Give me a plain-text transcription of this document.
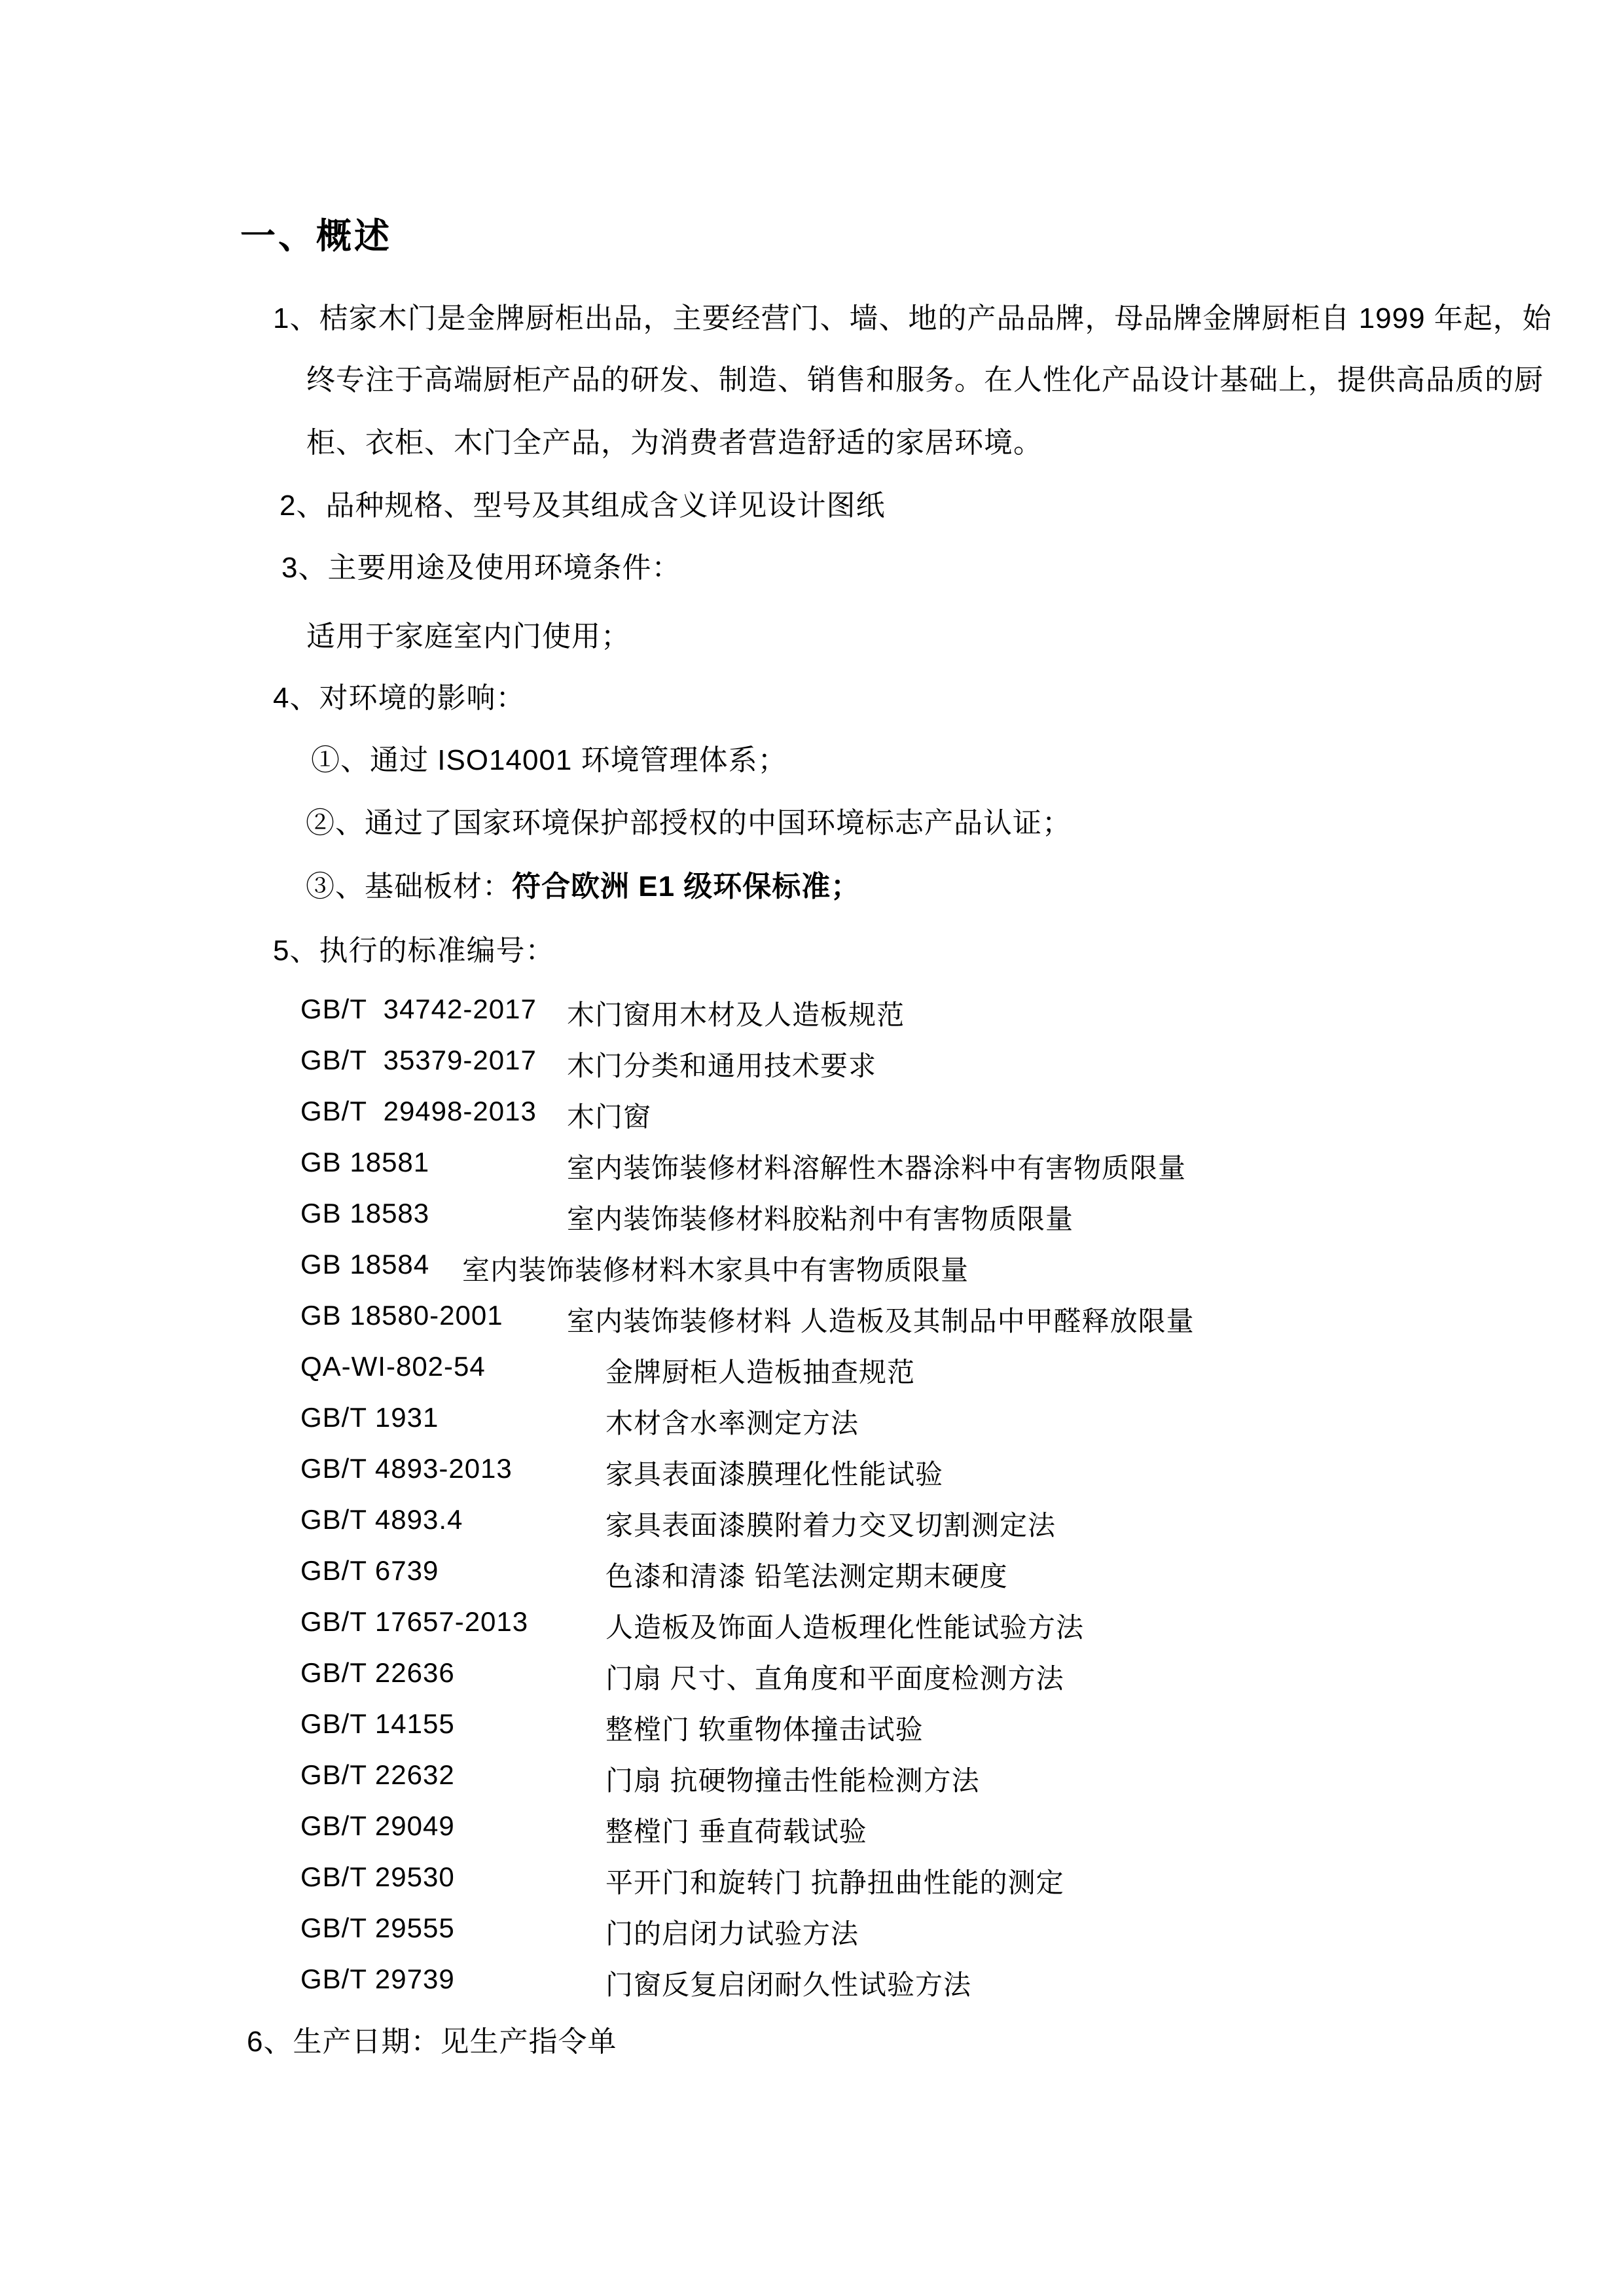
一、概述
1、桔家木门是金牌厨柜出品，主要经营门、墙、地的产品品牌，母品牌金牌厨柜自 1999 年起，始
终专注于高端厨柜产品的研发、制造、销售和服务。在人性化产品设计基础上，提供高品质的厨
柜、衣柜、木门全产品，为消费者营造舒适的家居环境。
2、品种规格、型号及其组成含义详见设计图纸
3、主要用途及使用环境条件：
适用于家庭室内门使用；
4、对环境的影响：
①、通过 ISO14001 环境管理体系；
②、通过了国家环境保护部授权的中国环境标志产品认证；
③、基础板材：符合欧洲 E1 级环保标准；
5、执行的标准编号：
GB/T  34742-2017 木门窗用木材及人造板规范
GB/T  35379-2017 木门分类和通用技术要求
GB/T  29498-2013 木门窗
GB 18581	室内装饰装修材料溶解性木器涂料中有害物质限量
GB 18583	室内装饰装修材料胶粘剂中有害物质限量
GB 18584 室内装饰装修材料木家具中有害物质限量
GB 18580-2001 室内装饰装修材料 人造板及其制品中甲醛释放限量
QA-WI-802-54	金牌厨柜人造板抽查规范
GB/T 1931	木材含水率测定方法
GB/T 4893-2013	家具表面漆膜理化性能试验
GB/T 4893.4	家具表面漆膜附着力交叉切割测定法
GB/T 6739	色漆和清漆 铅笔法测定期末硬度
GB/T 17657-2013	人造板及饰面人造板理化性能试验方法
GB/T 22636	门扇 尺寸、直角度和平面度检测方法
GB/T 14155	整樘门 软重物体撞击试验
GB/T 22632	门扇 抗硬物撞击性能检测方法
GB/T 29049	整樘门 垂直荷载试验
GB/T 29530	平开门和旋转门 抗静扭曲性能的测定
GB/T 29555	门的启闭力试验方法
GB/T 29739	门窗反复启闭耐久性试验方法
6、生产日期：见生产指令单
